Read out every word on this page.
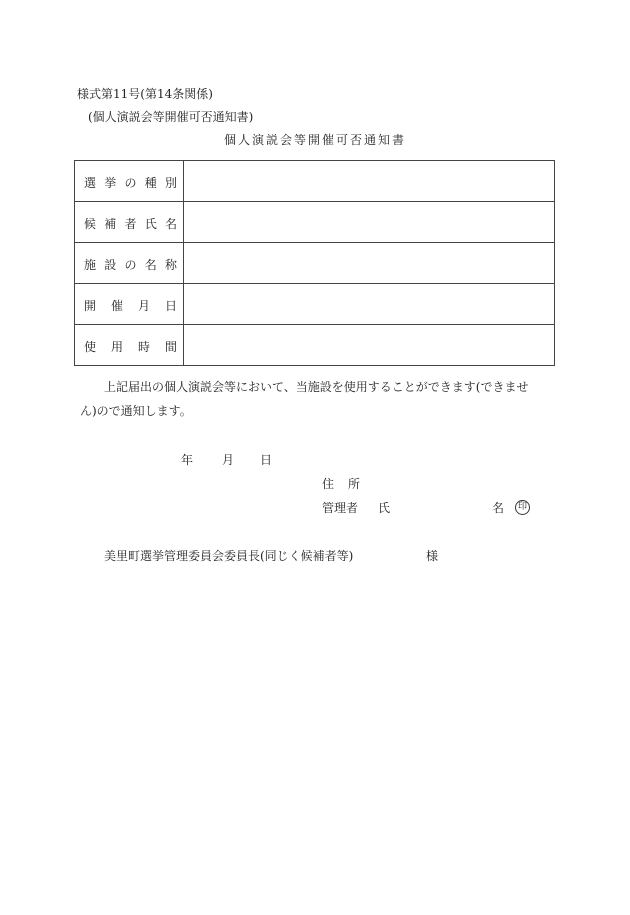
様式第11号(第14条関係)
(個人演説会等開催可否通知書)
個人演説会等開催可否通知書
選 挙 の 種 別	

候 補 者 氏 名	

施 設 の 名 称	

開 催 月 日	

使 用 時 間	

上記届出の個人演説会等において、当施設を使用することができます(できませ
ん)ので通知します。
年 月 日
住 所
管理者 氏	名	印
美里町選挙管理委員会委員長(同じく候補者等)	様
